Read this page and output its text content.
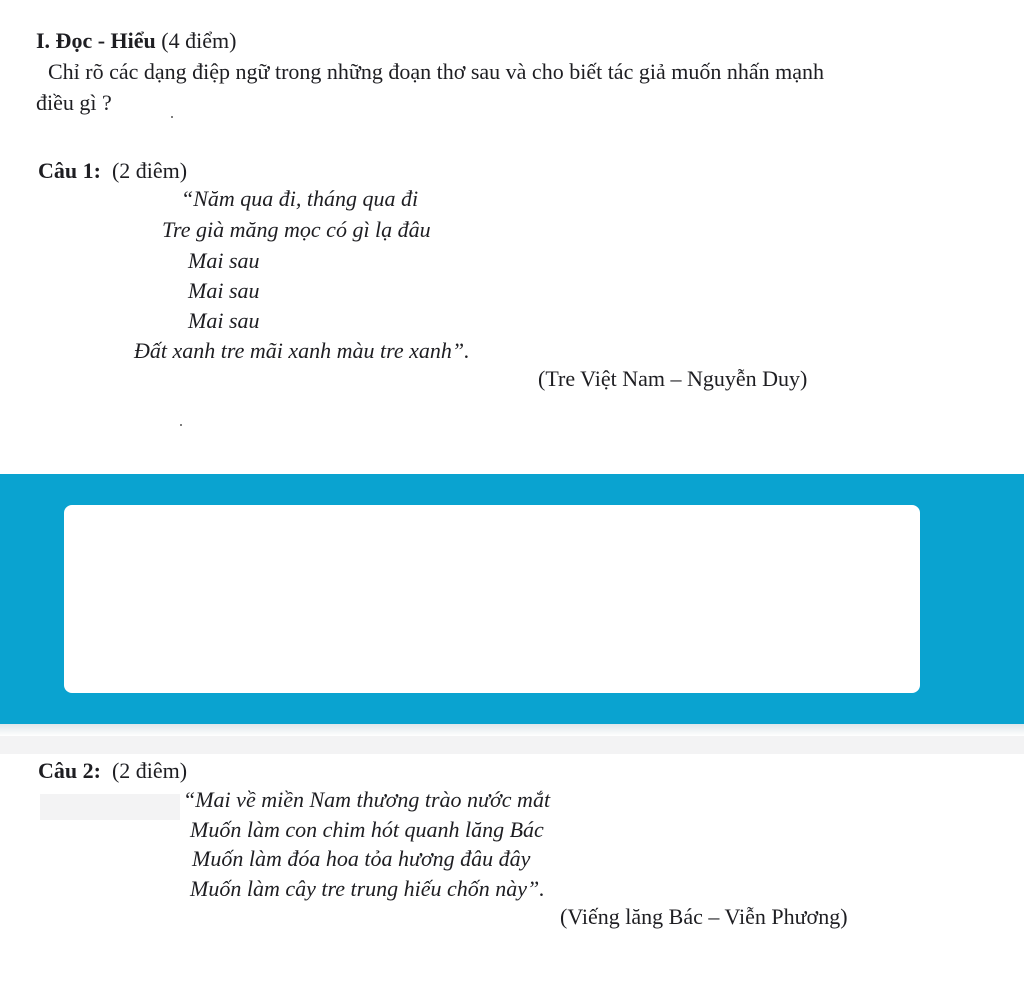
I. Đọc - Hiểu (4 điểm)
Chỉ rõ các dạng điệp ngữ trong những đoạn thơ sau và cho biết tác giả muốn nhấn mạnh
điều gì ?
Câu 1: (2 điêm)
“Năm qua đi, tháng qua đi
Tre già măng mọc có gì lạ đâu
Mai sau
Mai sau
Mai sau
Đất xanh tre mãi xanh màu tre xanh”.
(Tre Việt Nam – Nguyễn Duy)
Câu 2: (2 điêm)
“Mai về miền Nam thương trào nước mắt
Muốn làm con chim hót quanh lăng Bác
Muốn làm đóa hoa tỏa hương đâu đây
Muốn làm cây tre trung hiếu chốn này”.
(Viếng lăng Bác – Viễn Phương)
